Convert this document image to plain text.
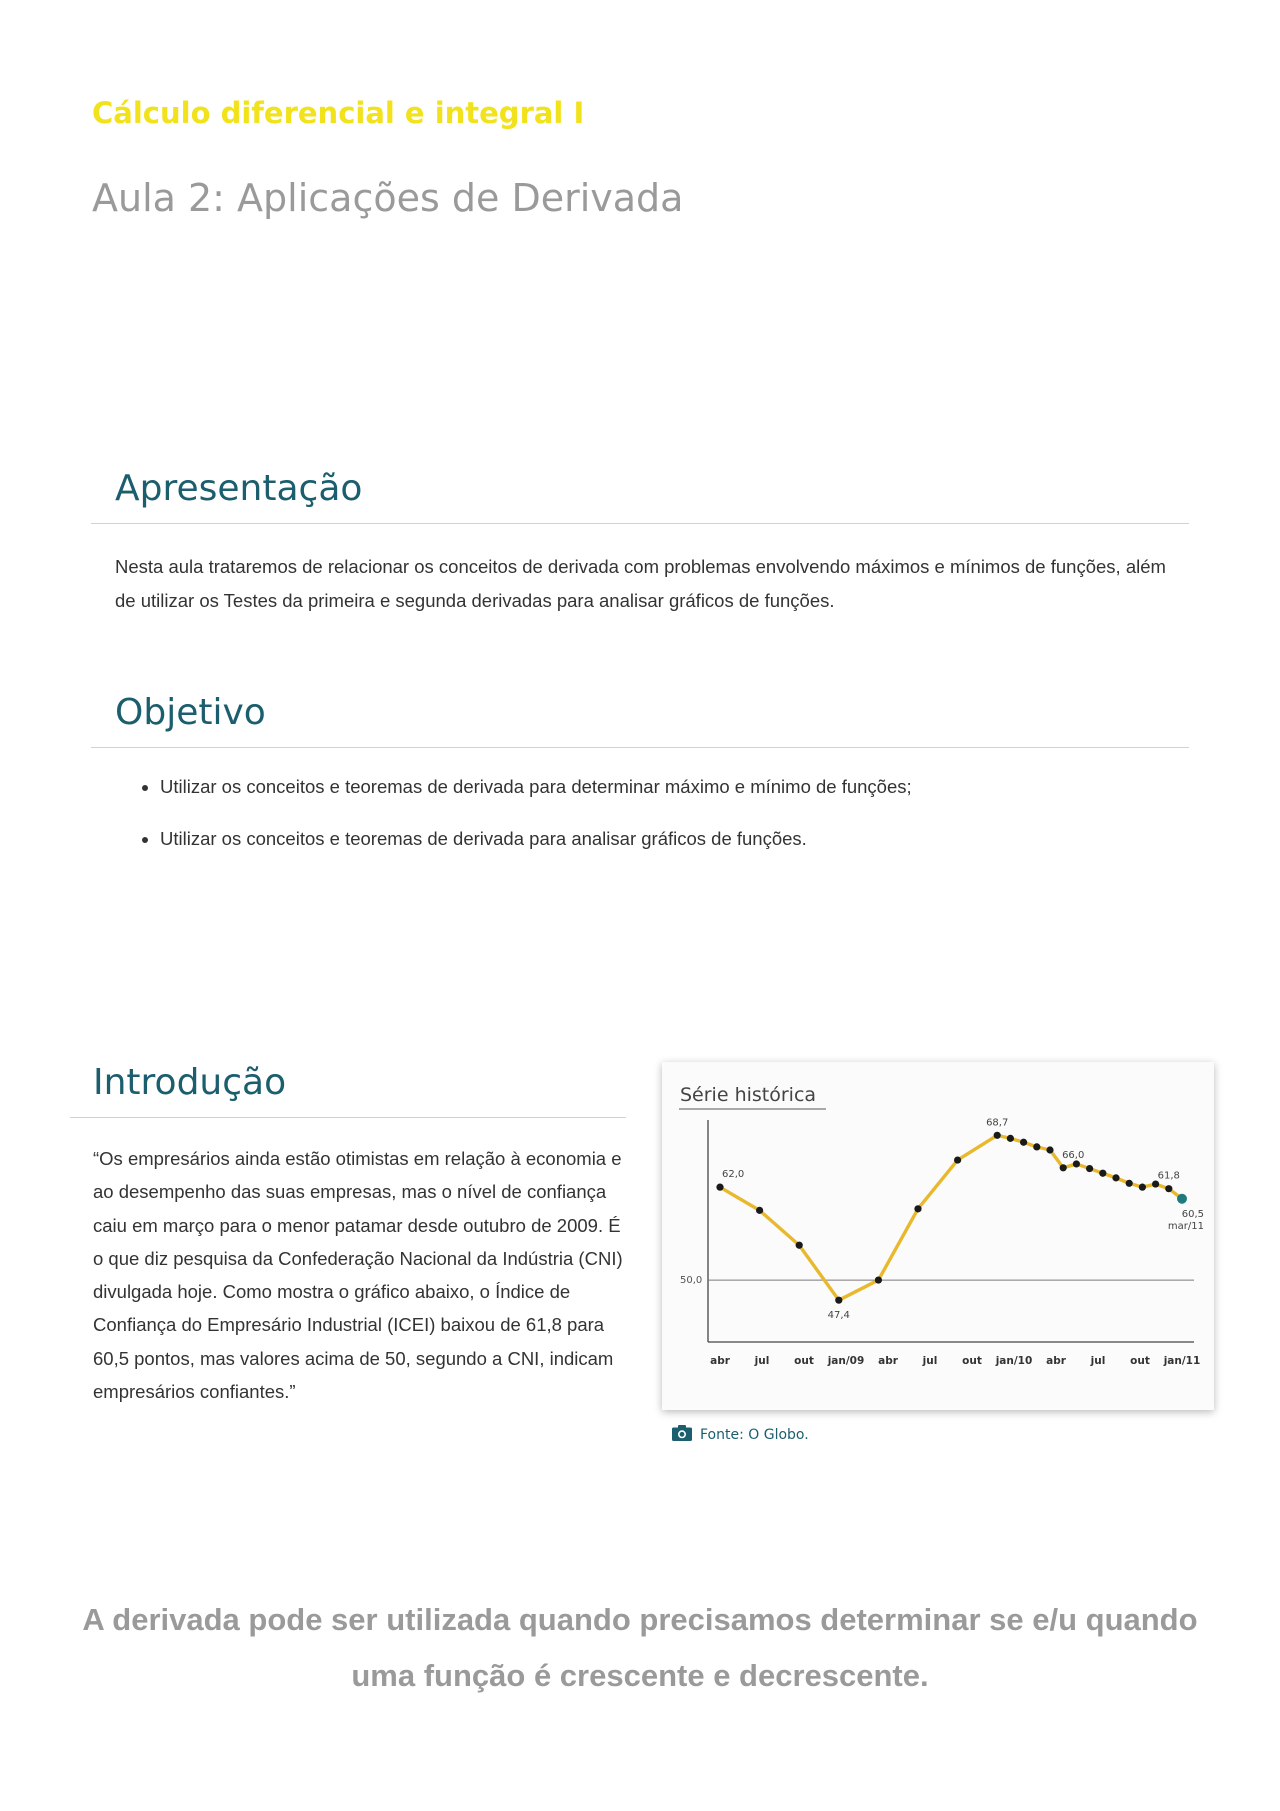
Cálculo diferencial e integral I
Aula 2: Aplicações de Derivada
Apresentação

Nesta aula trataremos de relacionar os conceitos de derivada com problemas envolvendo máximos e mínimos de funções, além de utilizar os Testes da primeira e segunda derivadas para analisar gráficos de funções.

Objetivo
• Utilizar os conceitos e teoremas de derivada para determinar máximo e mínimo de funções;
• Utilizar os conceitos e teoremas de derivada para analisar gráficos de funções.
Introdução

“Os empresários ainda estão otimistas em relação à economia e ao desempenho das suas empresas, mas o nível de confiança caiu em março para o menor patamar desde outubro de 2009. É o que diz pesquisa da Confederação Nacional da Indústria (CNI) divulgada hoje. Como mostra o gráfico abaixo, o Índice de Confiança do Empresário Industrial (ICEI) baixou de 61,8 para 60,5 pontos, mas valores acima de 50, segundo a CNI, indicam empresários confiantes.”

Série histórica
50,0
abr jul out jan/09 abr jul out jan/10 abr jul out jan/11
62,0
47,4
68,7
66,0
61,8
60,5
mar/11
Fonte: O Globo.

A derivada pode ser utilizada quando precisamos determinar se e/u quando uma função é crescente e decrescente.
